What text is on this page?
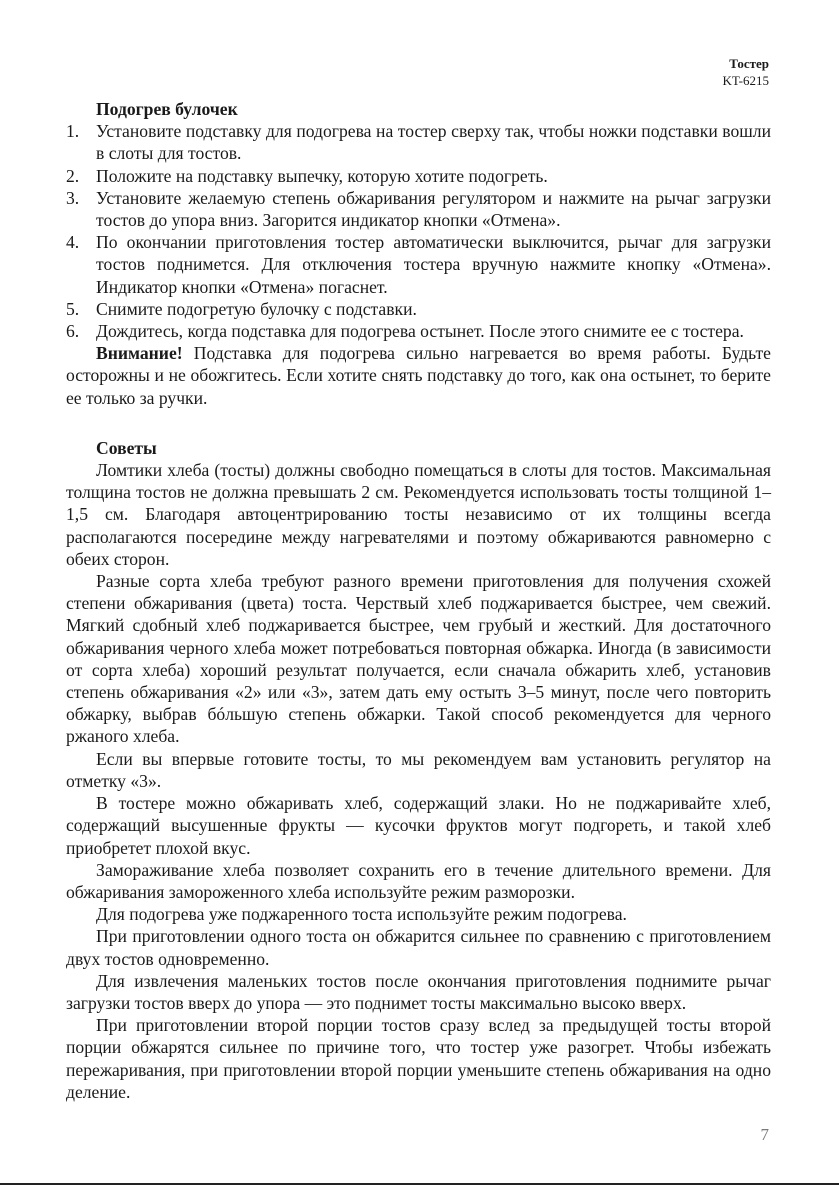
Тостер
KT-6215
Подогрев булочек
1. Установите подставку для подогрева на тостер сверху так, чтобы ножки подставки вошли в слоты для тостов.
2. Положите на подставку выпечку, которую хотите подогреть.
3. Установите желаемую степень обжаривания регулятором и нажмите на рычаг загрузки тостов до упора вниз. Загорится индикатор кнопки «Отмена».
4. По окончании приготовления тостер автоматически выключится, рычаг для загрузки тостов поднимется. Для отключения тостера вручную нажмите кнопку «Отмена». Индикатор кнопки «Отмена» погаснет.
5. Снимите подогретую булочку с подставки.
6. Дождитесь, когда подставка для подогрева остынет. После этого снимите ее с тостера.

Внимание! Подставка для подогрева сильно нагревается во время работы. Будьте осторожны и не обожгитесь. Если хотите снять подставку до того, как она остынет, то берите ее только за ручки.

Советы

Ломтики хлеба (тосты) должны свободно помещаться в слоты для тостов. Максимальная толщина тостов не должна превышать 2 см. Рекомендуется использовать тосты толщиной 1–1,5 см. Благодаря автоцентрированию тосты независимо от их толщины всегда располагаются посередине между нагревателями и поэтому обжариваются равномерно с обеих сторон.

Разные сорта хлеба требуют разного времени приготовления для получения схожей степени обжаривания (цвета) тоста. Черствый хлеб поджаривается быстрее, чем свежий. Мягкий сдобный хлеб поджаривается быстрее, чем грубый и жесткий. Для достаточного обжаривания черного хлеба может потребоваться повторная обжарка. Иногда (в зависимости от сорта хлеба) хороший результат получается, если сначала обжарить хлеб, установив степень обжаривания «2» или «3», затем дать ему остыть 3–5 минут, после чего повторить обжарку, выбрав бóльшую степень обжарки. Такой способ рекомендуется для черного ржаного хлеба.

Если вы впервые готовите тосты, то мы рекомендуем вам установить регулятор на отметку «3».

В тостере можно обжаривать хлеб, содержащий злаки. Но не поджаривайте хлеб, содержащий высушенные фрукты — кусочки фруктов могут подгореть, и такой хлеб приобретет плохой вкус.

Замораживание хлеба позволяет сохранить его в течение длительного времени. Для обжаривания замороженного хлеба используйте режим разморозки.

Для подогрева уже поджаренного тоста используйте режим подогрева.

При приготовлении одного тоста он обжарится сильнее по сравнению с приготовлением двух тостов одновременно.

Для извлечения маленьких тостов после окончания приготовления поднимите рычаг загрузки тостов вверх до упора — это поднимет тосты максимально высоко вверх.

При приготовлении второй порции тостов сразу вслед за предыдущей тосты второй порции обжарятся сильнее по причине того, что тостер уже разогрет. Чтобы избежать пережаривания, при приготовлении второй порции уменьшите степень обжаривания на одно деление.

7
